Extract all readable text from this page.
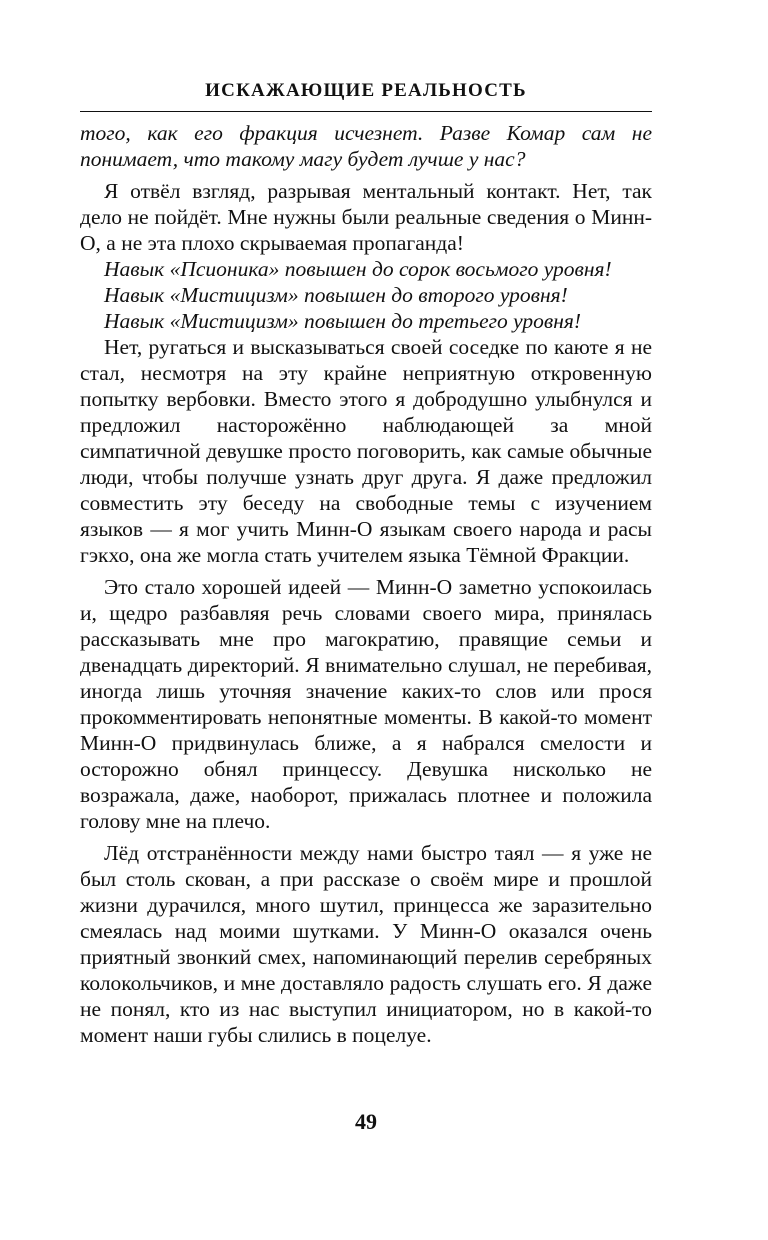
ИСКАЖАЮЩИЕ РЕАЛЬНОСТЬ

того, как его фракция исчезнет. Разве Комар сам не понимает, что такому магу будет лучше у нас?

Я отвёл взгляд, разрывая ментальный контакт. Нет, так дело не пойдёт. Мне нужны были реальные сведения о Минн-О, а не эта плохо скрываемая пропаганда!

Навык «Псионика» повышен до сорок восьмого уровня!

Навык «Мистицизм» повышен до второго уровня!

Навык «Мистицизм» повышен до третьего уровня!

Нет, ругаться и высказываться своей соседке по каюте я не стал, несмотря на эту крайне неприятную откровенную попытку вербовки. Вместо этого я добродушно улыбнулся и предложил насторожённо наблюдающей за мной симпатичной девушке просто поговорить, как самые обычные люди, чтобы получше узнать друг друга. Я даже предложил совместить эту беседу на свободные темы с изучением языков — я мог учить Минн-О языкам своего народа и расы гэкхо, она же могла стать учителем языка Тёмной Фракции.

Это стало хорошей идеей — Минн-О заметно успокоилась и, щедро разбавляя речь словами своего мира, принялась рассказывать мне про магократию, правящие семьи и двенадцать директорий. Я внимательно слушал, не перебивая, иногда лишь уточняя значение каких-то слов или прося прокомментировать непонятные моменты. В какой-то момент Минн-О придвинулась ближе, а я набрался смелости и осторожно обнял принцессу. Девушка нисколько не возражала, даже, наоборот, прижалась плотнее и положила голову мне на плечо.

Лёд отстранённости между нами быстро таял — я уже не был столь скован, а при рассказе о своём мире и прошлой жизни дурачился, много шутил, принцесса же заразительно смеялась над моими шутками. У Минн-О оказался очень приятный звонкий смех, напоминающий перелив серебряных колокольчиков, и мне доставляло радость слушать его. Я даже не понял, кто из нас выступил инициатором, но в какой-то момент наши губы слились в поцелуе.

49
